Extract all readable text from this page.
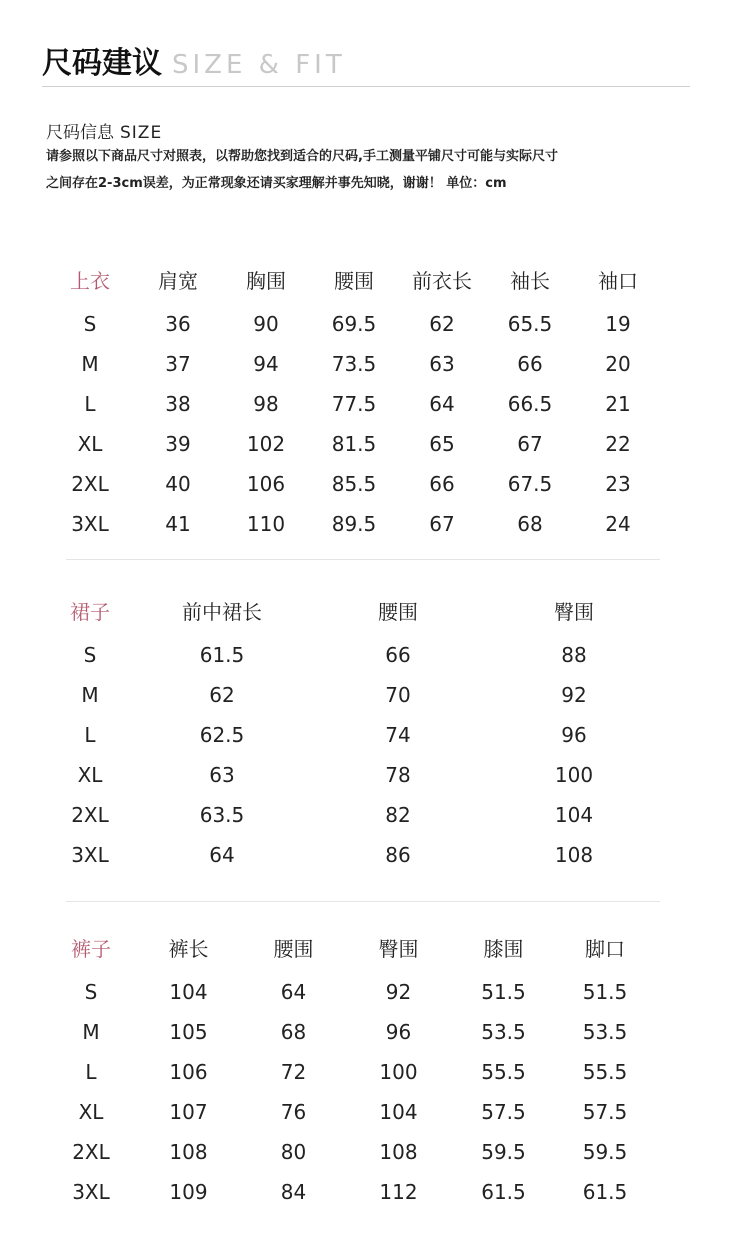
尺码建议 SIZE & FIT
尺码信息 SIZE
请参照以下商品尺寸对照表，以帮助您找到适合的尺码,手工测量平铺尺寸可能与实际尺寸
之间存在2-3cm误差，为正常现象还请买家理解并事先知晓，谢谢！ 单位：cm
上衣	肩宽	胸围	腰围	前衣长	袖长	袖口
S	36	90	69.5	62	65.5	19
M	37	94	73.5	63	66	20
L	38	98	77.5	64	66.5	21
XL	39	102	81.5	65	67	22
2XL	40	106	85.5	66	67.5	23
3XL	41	110	89.5	67	68	24
裙子	前中裙长	腰围	臀围
S	61.5	66	88
M	62	70	92
L	62.5	74	96
XL	63	78	100
2XL	63.5	82	104
3XL	64	86	108
裤子	裤长	腰围	臀围	膝围	脚口
S	104	64	92	51.5	51.5
M	105	68	96	53.5	53.5
L	106	72	100	55.5	55.5
XL	107	76	104	57.5	57.5
2XL	108	80	108	59.5	59.5
3XL	109	84	112	61.5	61.5
